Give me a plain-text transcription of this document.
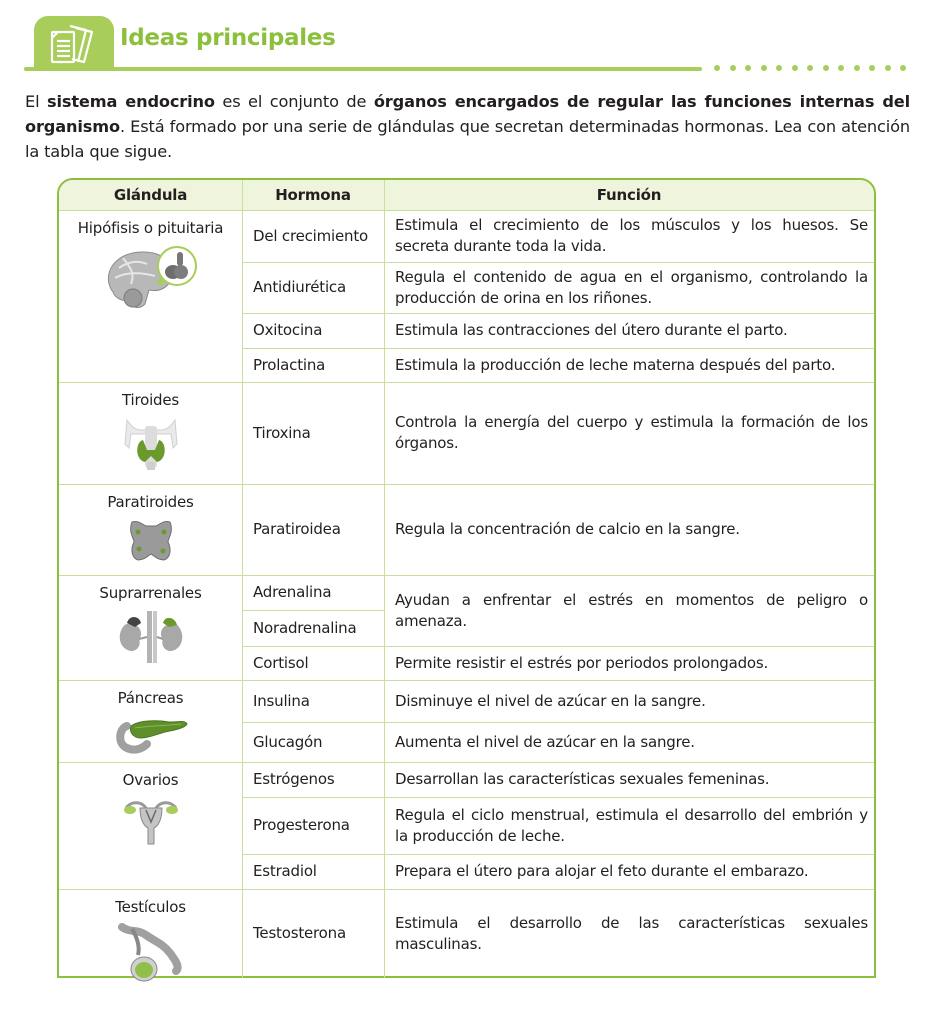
Ideas principales

El sistema endocrino es el conjunto de órganos encargados de regular las funciones internas del organismo. Está formado por una serie de glándulas que secretan determinadas hormonas. Lea con atención la tabla que sigue.

Glándula	Hormona	Función
Hipófisis o pituitaria
Tiroides
Paratiroides
Suprarrenales
Páncreas
Ovarios
Testículos
Del crecimiento
Antidiurética
Oxitocina
Prolactina
Tiroxina
Paratiroidea
Adrenalina
Noradrenalina
Cortisol
Insulina
Glucagón
Estrógenos
Progesterona
Estradiol
Testosterona
Estimula el crecimiento de los músculos y los huesos. Se secreta durante toda la vida.
Regula el contenido de agua en el organismo, controlando la producción de orina en los riñones.
Estimula las contracciones del útero durante el parto.
Estimula la producción de leche materna después del parto.
Controla la energía del cuerpo y estimula la formación de los órganos.
Regula la concentración de calcio en la sangre.
Ayudan a enfrentar el estrés en momentos de peligro o amenaza.
Permite resistir el estrés por periodos prolongados.
Disminuye el nivel de azúcar en la sangre.
Aumenta el nivel de azúcar en la sangre.
Desarrollan las características sexuales femeninas.
Regula el ciclo menstrual, estimula el desarrollo del embrión y la producción de leche.
Prepara el útero para alojar el feto durante el embarazo.
Estimula el desarrollo de las características sexuales masculinas.
